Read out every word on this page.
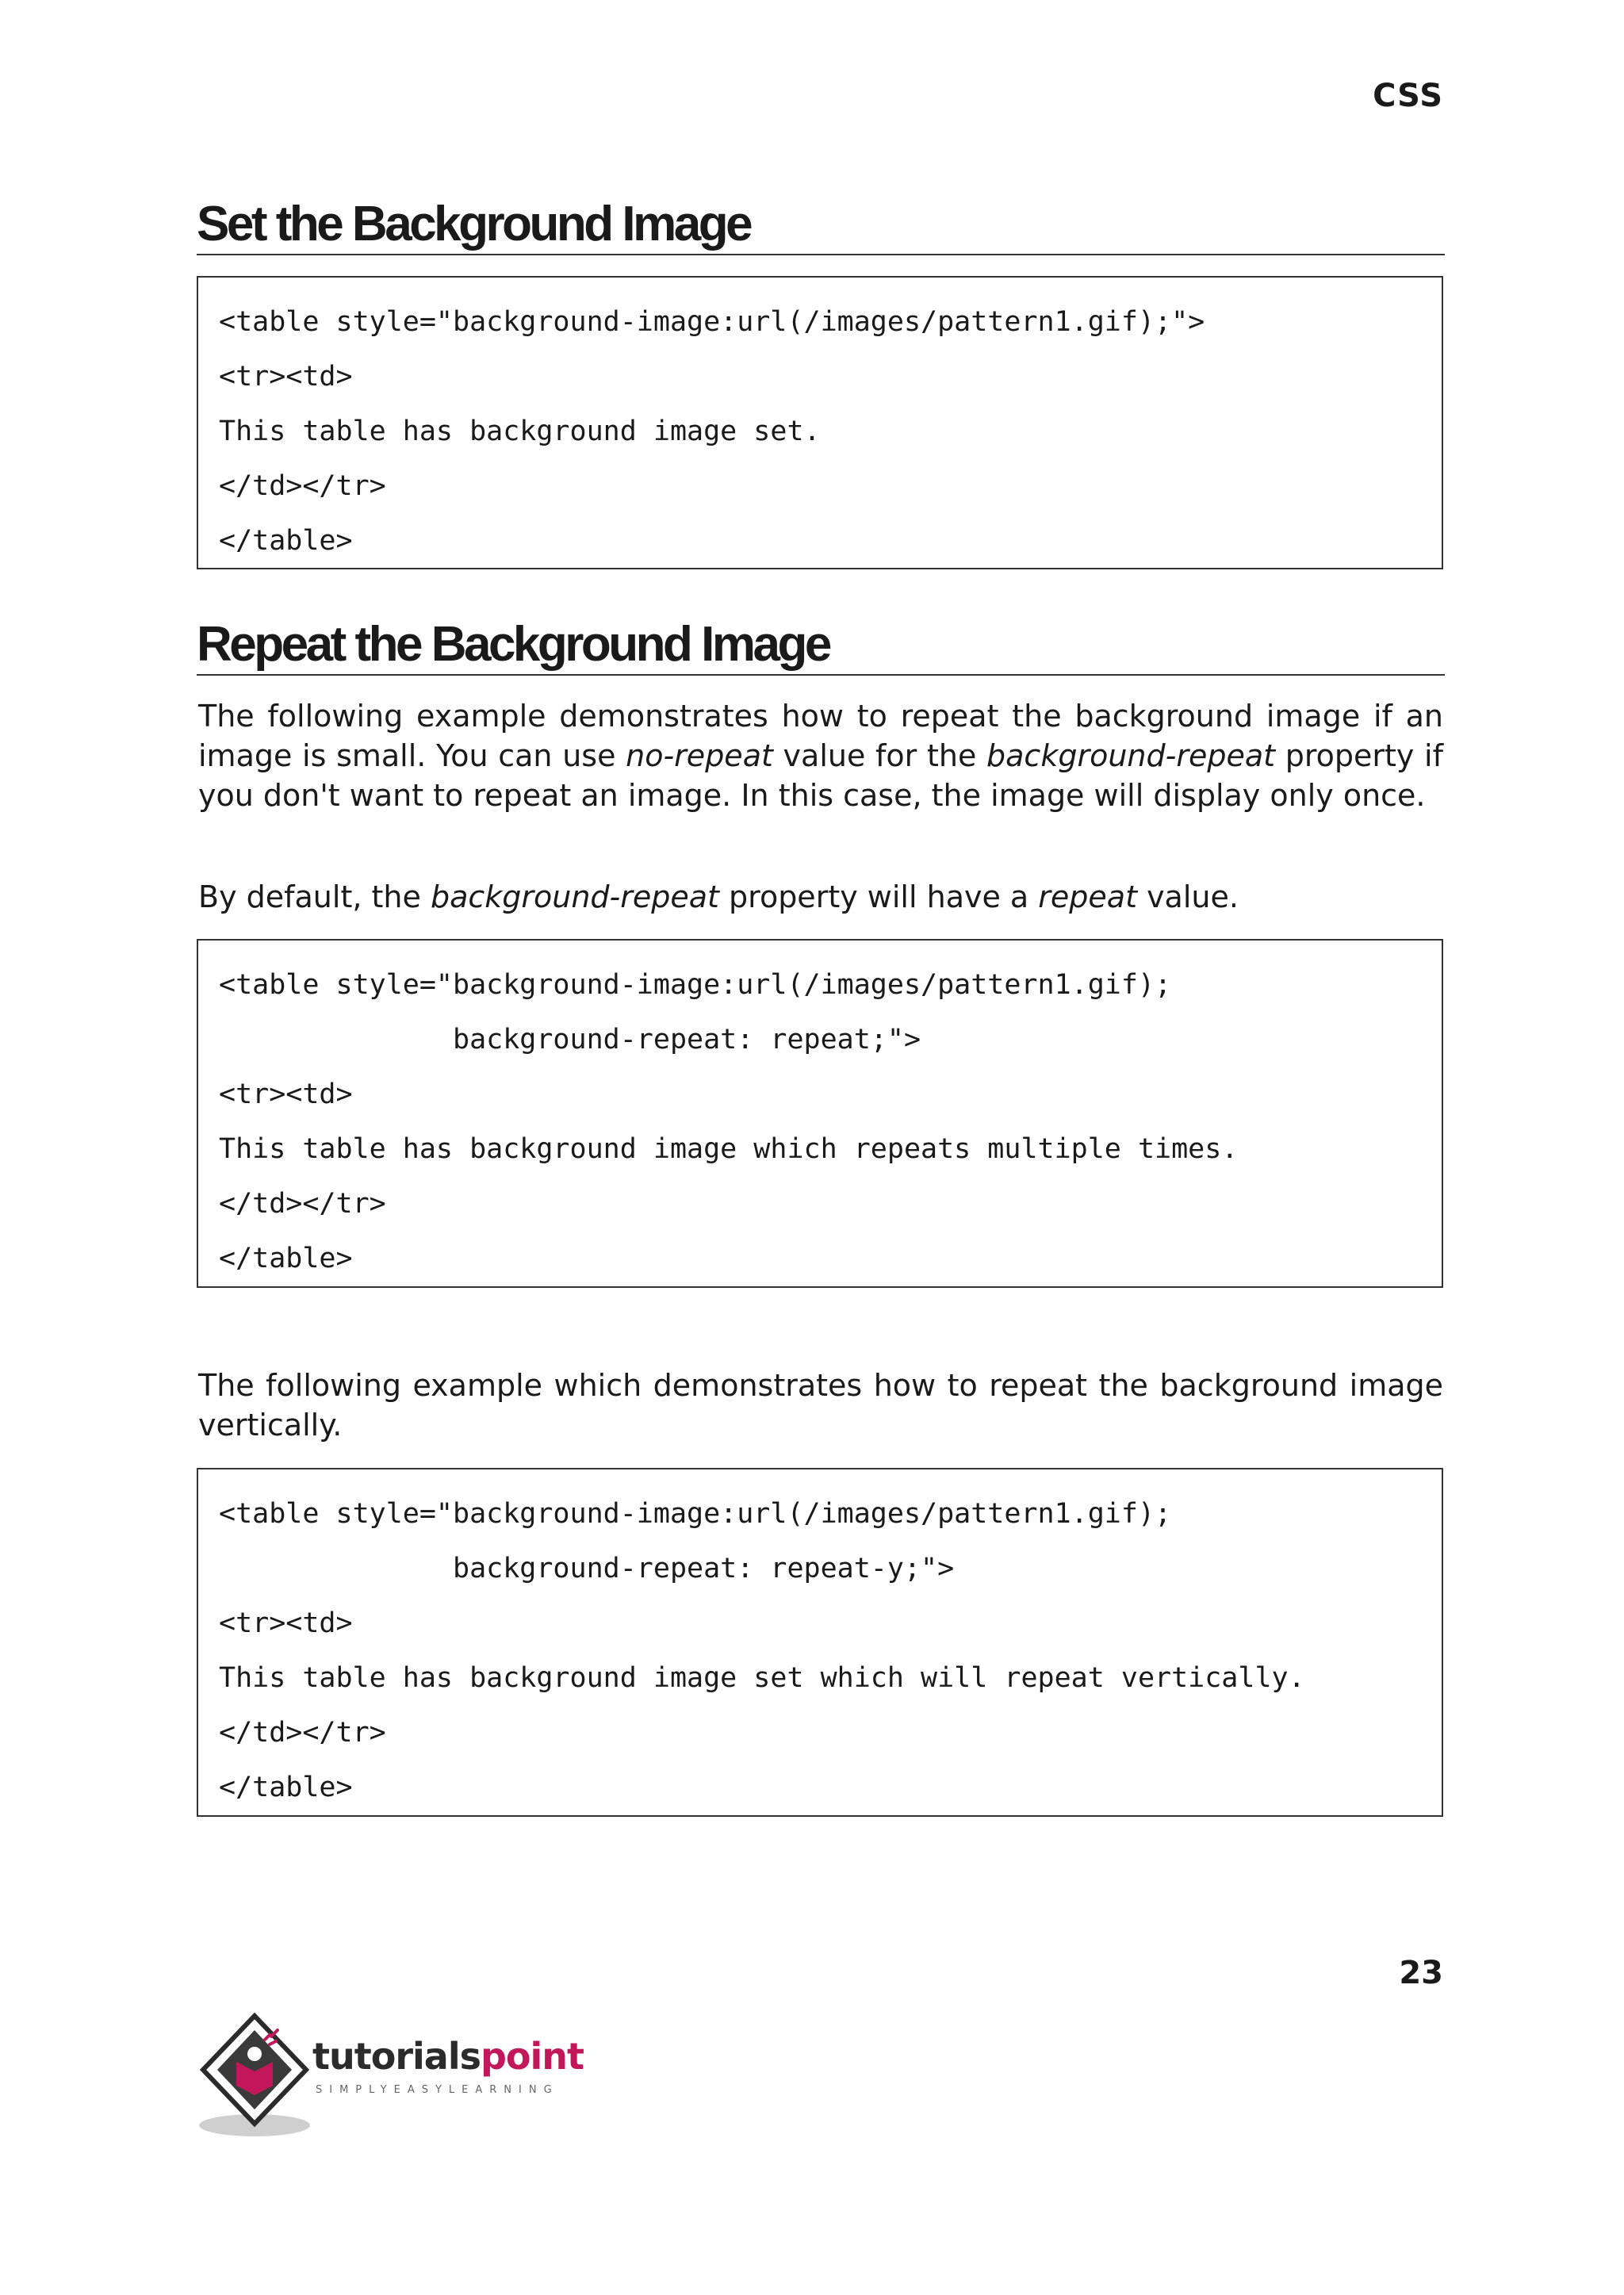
CSS
Set the Background Image
<table style="background-image:url(/images/pattern1.gif);">
<tr><td>
This table has background image set.
</td></tr>
</table>
Repeat the Background Image

The following example demonstrates how to repeat the background image if an image is small. You can use no-repeat value for the background-repeat property if you don't want to repeat an image. In this case, the image will display only once.

By default, the background-repeat property will have a repeat value.

<table style="background-image:url(/images/pattern1.gif);
background-repeat: repeat;">
<tr><td>
This table has background image which repeats multiple times.
</td></tr>
</table>

The following example which demonstrates how to repeat the background image vertically.

<table style="background-image:url(/images/pattern1.gif);
background-repeat: repeat-y;">
<tr><td>
This table has background image set which will repeat vertically.
</td></tr>
</table>
23
tutorialspoint
SIMPLYEASYLEARNING
